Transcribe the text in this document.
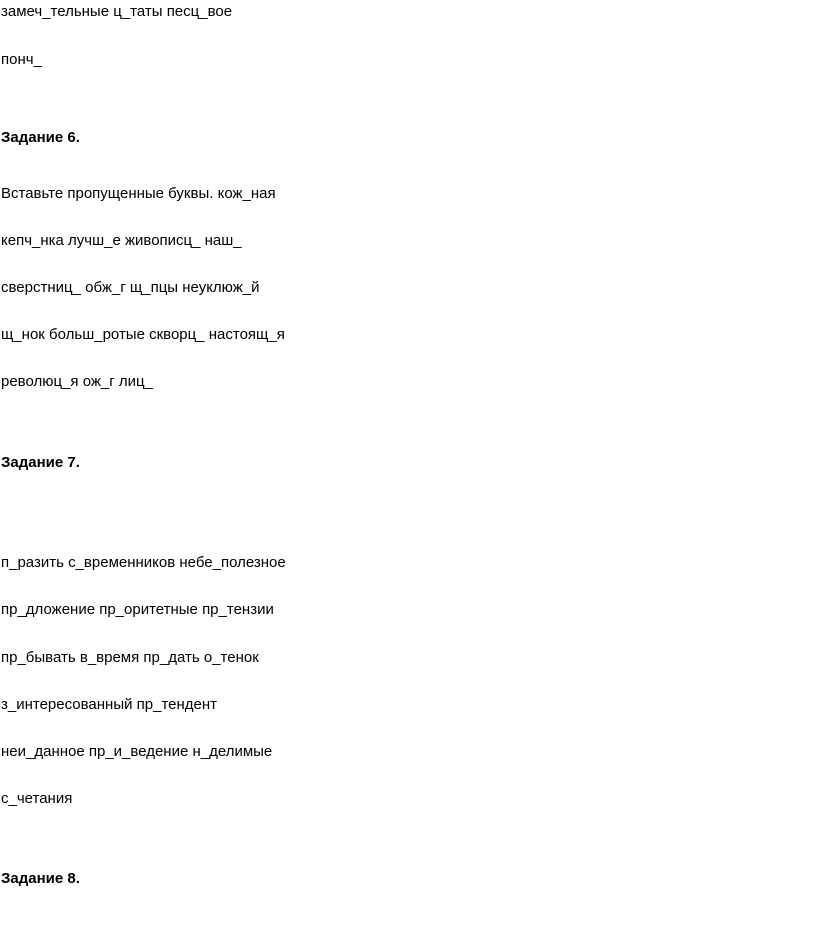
замеч_тельные ц_таты песц_вое
понч_
Задание 6.
Вставьте пропущенные буквы. кож_ная
кепч_нка лучш_е живописц_ наш_
сверстниц_ обж_г щ_пцы неуклюж_й
щ_нок больш_ротые скворц_ настоящ_я
революц_я ож_г лиц_
Задание 7.
п_разить с_временников небе_полезное
пр_дложение пр_оритетные пр_тензии
пр_бывать в_время пр_дать о_тенок
з_интересованный пр_тендент
неи_данное пр_и_ведение н_делимые
с_четания
Задание 8.
